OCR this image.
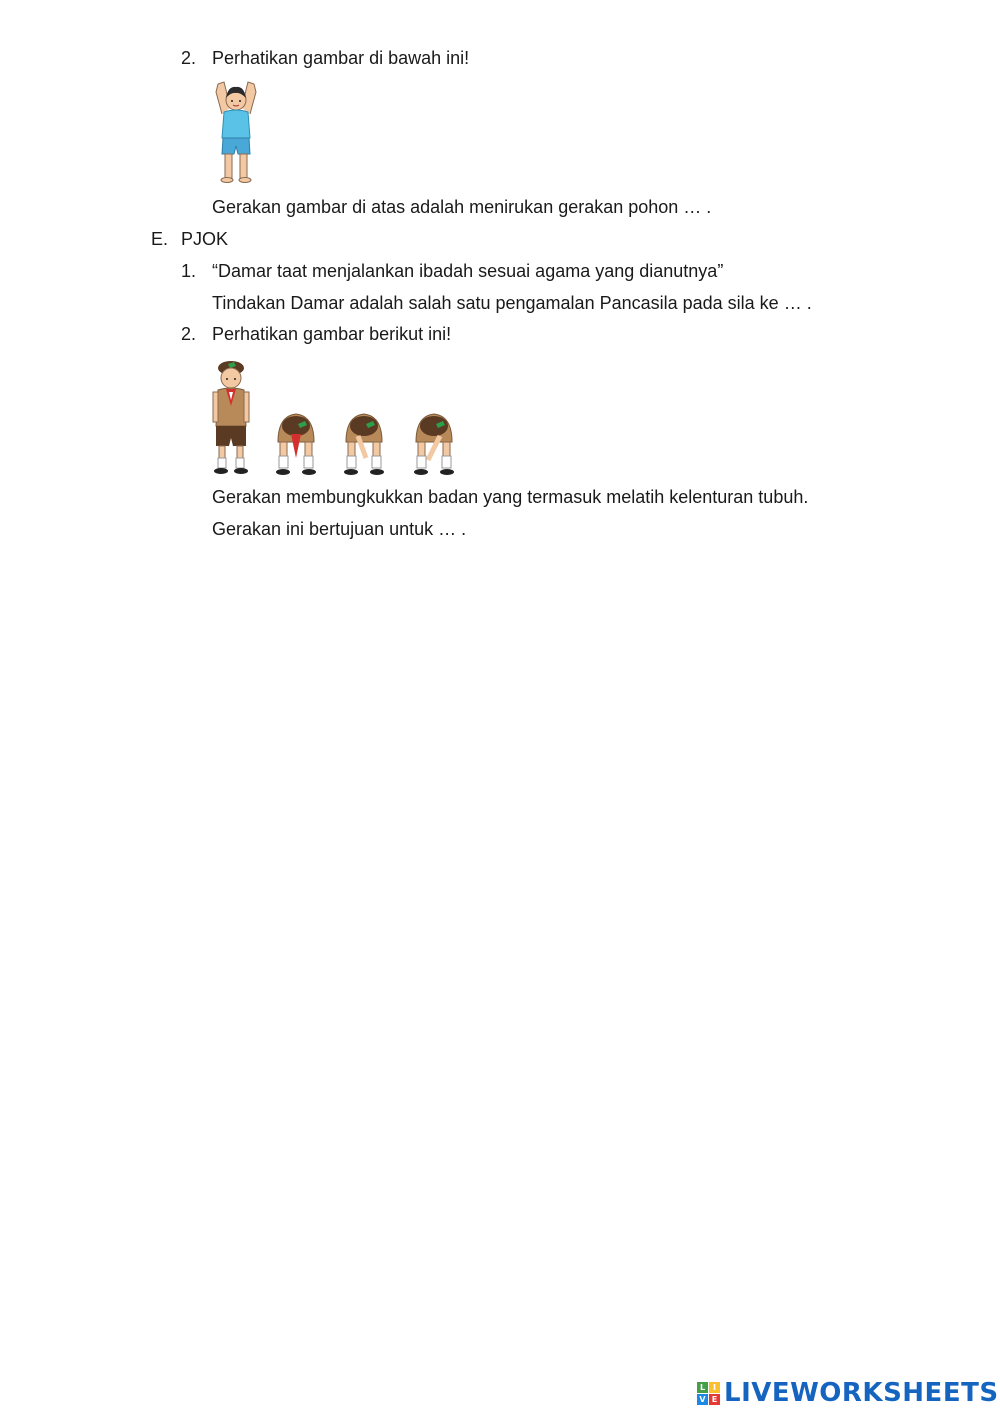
2. Perhatikan gambar di bawah ini!
Gerakan gambar di atas adalah menirukan gerakan pohon … .
E. PJOK
1. “Damar taat menjalankan ibadah sesuai agama yang dianutnya”
Tindakan Damar adalah salah satu pengamalan Pancasila pada sila ke … .
2. Perhatikan gambar berikut ini!
Gerakan membungkukkan badan yang termasuk melatih kelenturan tubuh.
Gerakan ini bertujuan untuk … .
L I
V E LIVEWORKSHEETS
